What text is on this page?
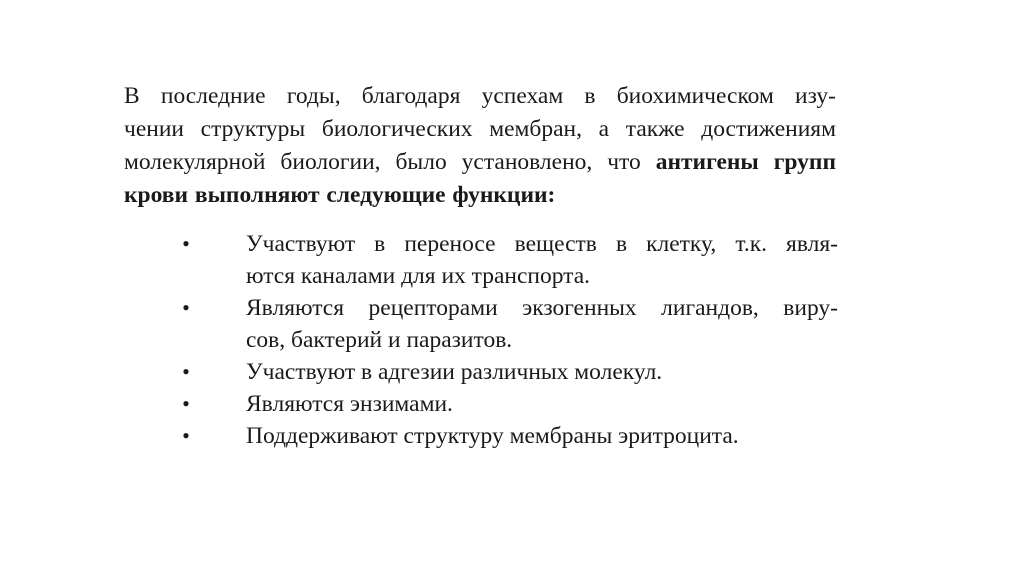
В последние годы, благодаря успехам в биохимическом изу-
чении структуры биологических мембран, а также достижениям
молекулярной биологии, было установлено, что антигены групп
крови выполняют следующие функции:
• Участвуют в переносе веществ в клетку, т.к. явля-
ются каналами для их транспорта.
• Являются рецепторами экзогенных лигандов, виру-
сов, бактерий и паразитов.
• Участвуют в адгезии различных молекул.
• Являются энзимами.
• Поддерживают структуру мембраны эритроцита.
